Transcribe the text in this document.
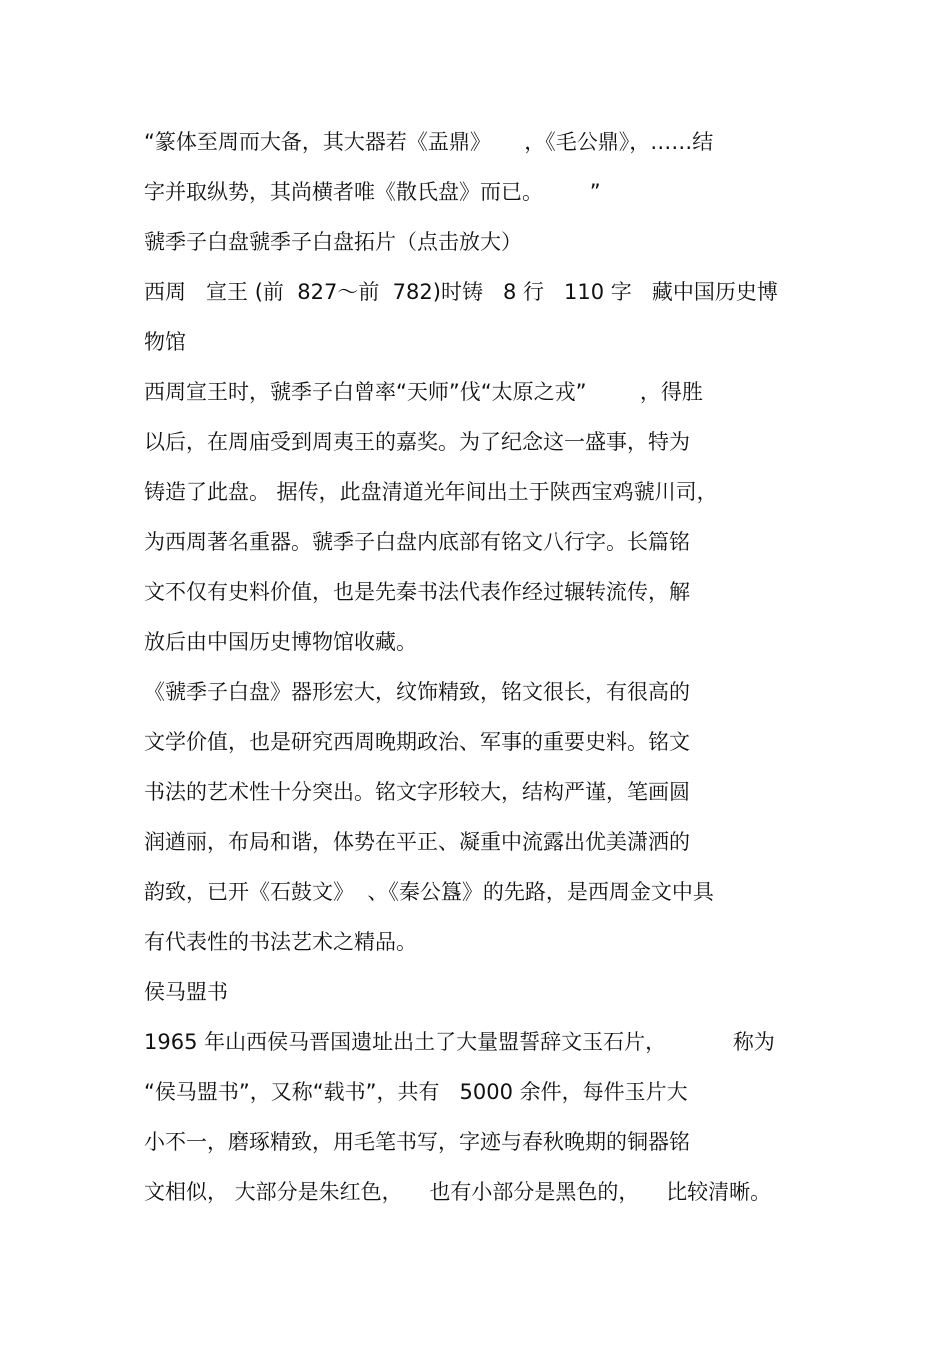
“篆体至周而大备，其大器若《盂鼎》     ，《毛公鼎》，……结
字并取纵势，其尚横者唯《散氏盘》而已。       ”
虢季子白盘虢季子白盘拓片（点击放大）
西周   宣王 (前  827～前  782)时铸   8 行   110 字   藏中国历史博
物馆
西周宣王时，虢季子白曾率“天师”伐“太原之戎”        ，得胜
以后，在周庙受到周夷王的嘉奖。为了纪念这一盛事，特为
铸造了此盘。 据传，此盘清道光年间出土于陕西宝鸡虢川司，
为西周著名重器。虢季子白盘内底部有铭文八行字。长篇铭
文不仅有史料价值，也是先秦书法代表作经过辗转流传，解
放后由中国历史博物馆收藏。
《虢季子白盘》器形宏大，纹饰精致，铭文很长，有很高的
文学价值，也是研究西周晚期政治、军事的重要史料。铭文
书法的艺术性十分突出。铭文字形较大，结构严谨，笔画圆
润遒丽，布局和谐，体势在平正、凝重中流露出优美潇洒的
韵致，已开《石鼓文》  、《秦公簋》的先路，是西周金文中具
有代表性的书法艺术之精品。
侯马盟书
1965 年山西侯马晋国遗址出土了大量盟誓辞文玉石片，          称为
“侯马盟书”，又称“载书”，共有   5000 余件，每件玉片大
小不一，磨琢精致，用毛笔书写，字迹与春秋晚期的铜器铭
文相似， 大部分是朱红色，    也有小部分是黑色的，    比较清晰。
